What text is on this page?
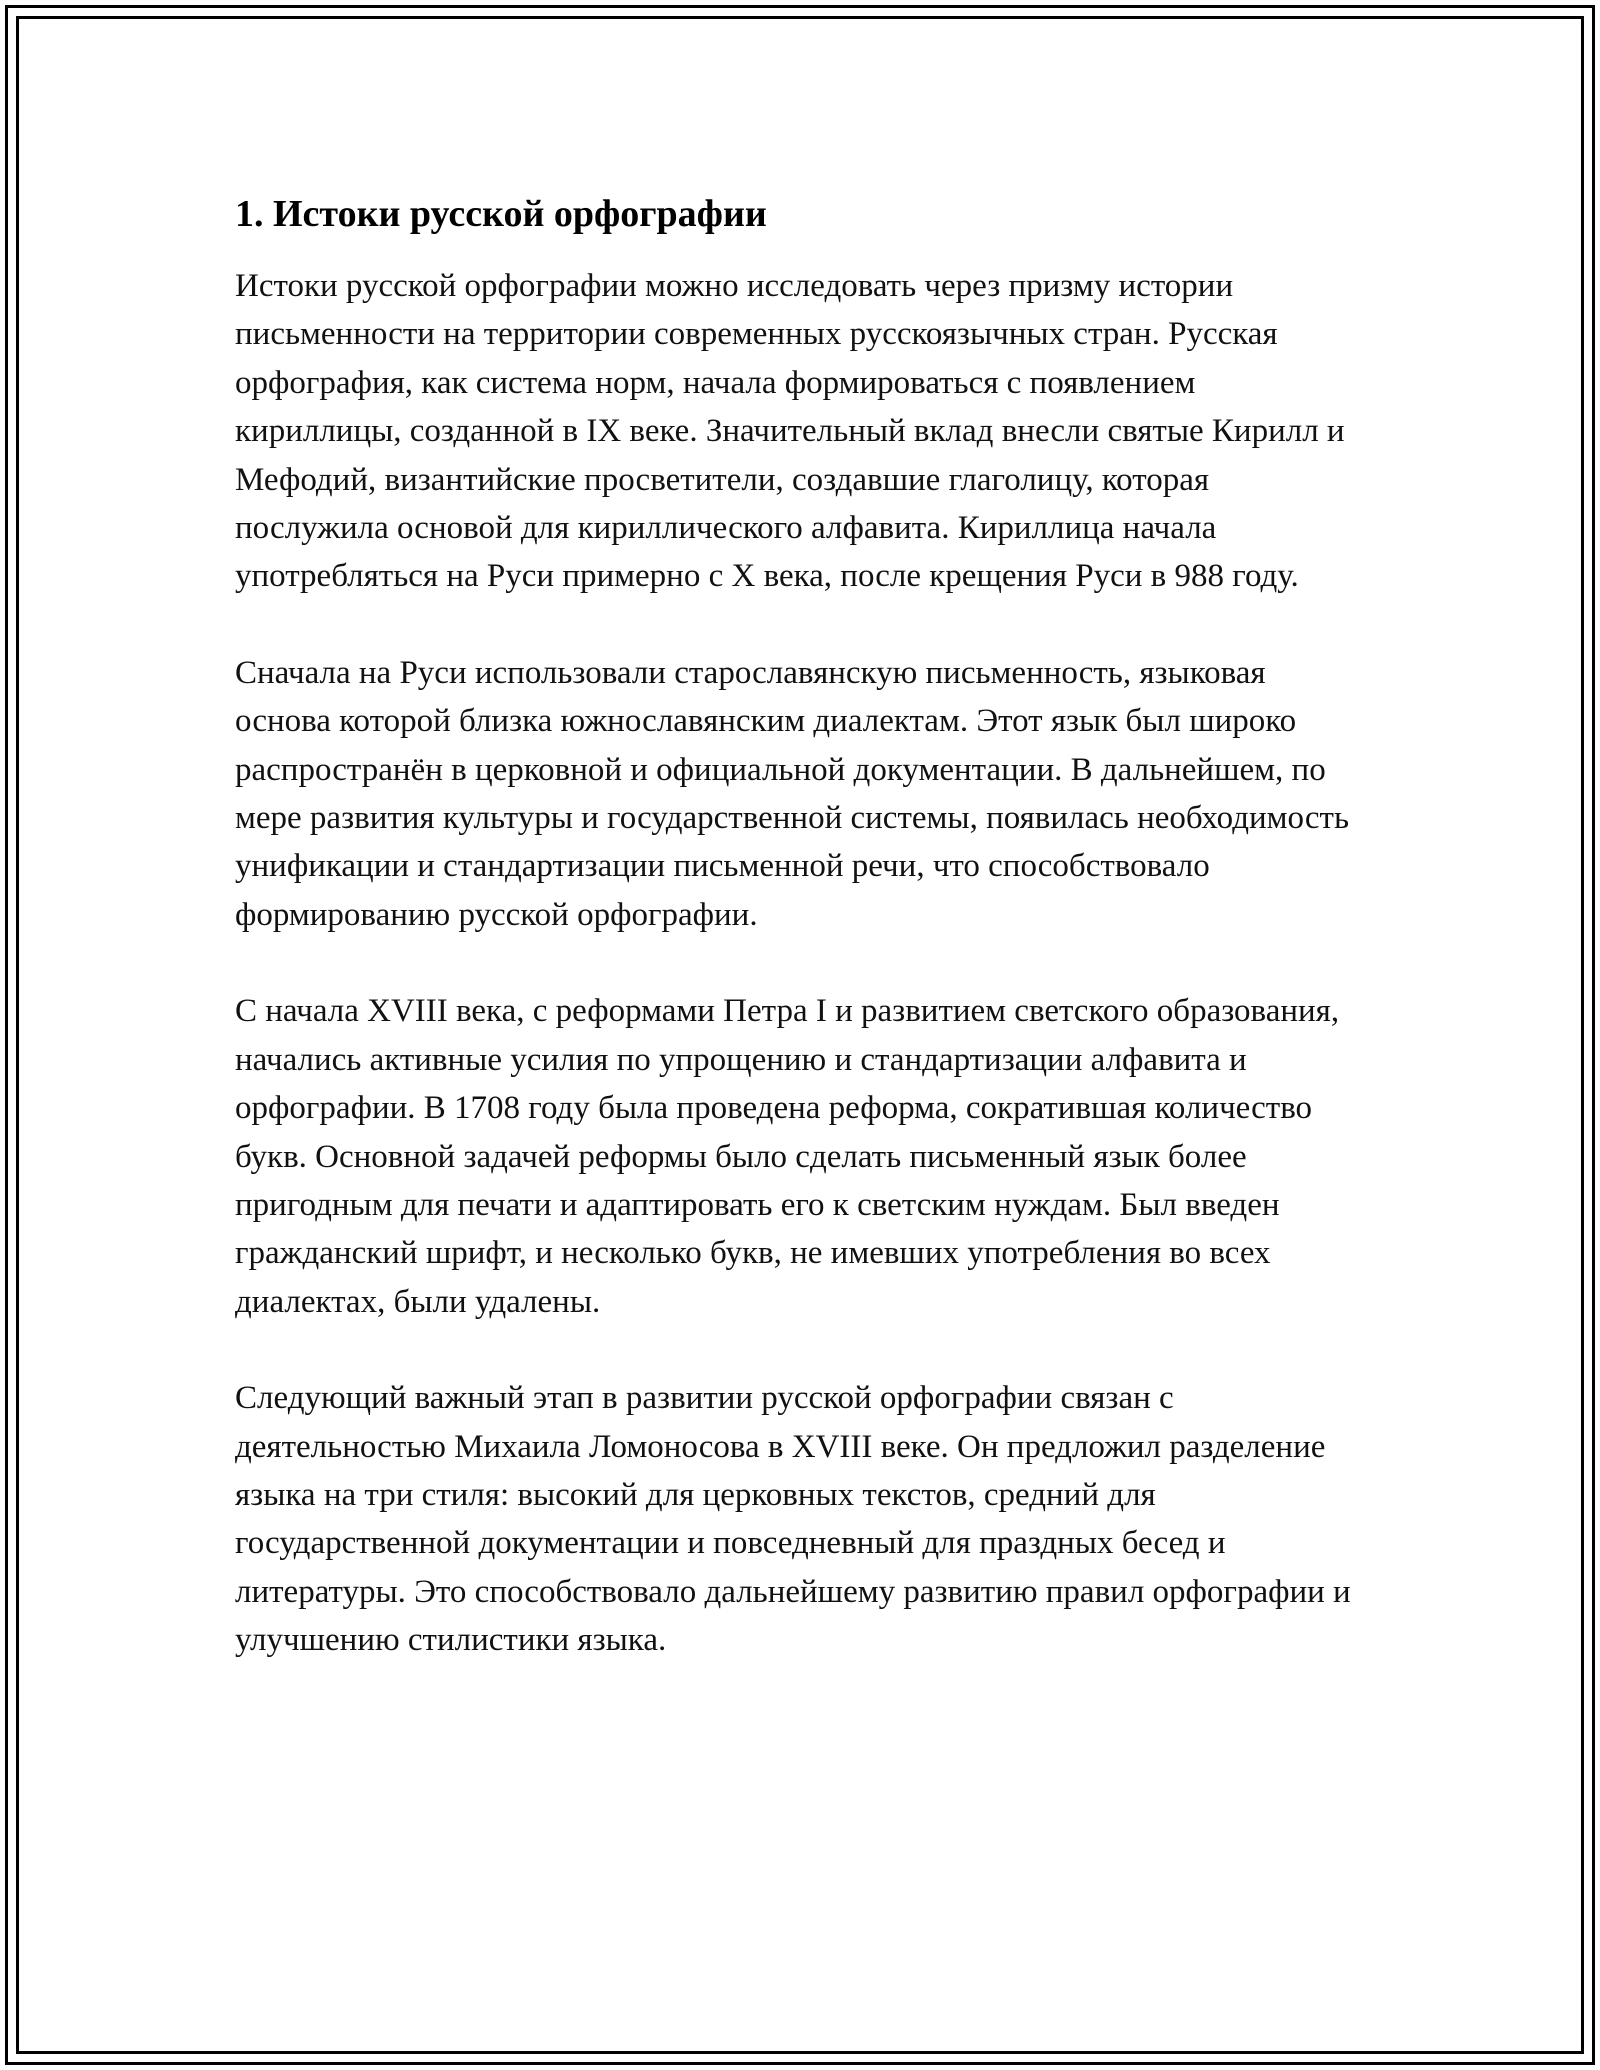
1. Истоки русской орфографии

Истоки русской орфографии можно исследовать через призму истории письменности на территории современных русскоязычных стран. Русская орфография, как система норм, начала формироваться с появлением кириллицы, созданной в IX веке. Значительный вклад внесли святые Кирилл и Мефодий, византийские просветители, создавшие глаголицу, которая послужила основой для кириллического алфавита. Кириллица начала употребляться на Руси примерно с X века, после крещения Руси в 988 году.

Сначала на Руси использовали старославянскую письменность, языковая основа которой близка южнославянским диалектам. Этот язык был широко распространён в церковной и официальной документации. В дальнейшем, по мере развития культуры и государственной системы, появилась необходимость унификации и стандартизации письменной речи, что способствовало формированию русской орфографии.

С начала XVIII века, с реформами Петра I и развитием светского образования, начались активные усилия по упрощению и стандартизации алфавита и орфографии. В 1708 году была проведена реформа, сократившая количество букв. Основной задачей реформы было сделать письменный язык более пригодным для печати и адаптировать его к светским нуждам. Был введен гражданский шрифт, и несколько букв, не имевших употребления во всех диалектах, были удалены.

Следующий важный этап в развитии русской орфографии связан с деятельностью Михаила Ломоносова в XVIII веке. Он предложил разделение языка на три стиля: высокий для церковных текстов, средний для государственной документации и повседневный для праздных бесед и литературы. Это способствовало дальнейшему развитию правил орфографии и улучшению стилистики языка.
